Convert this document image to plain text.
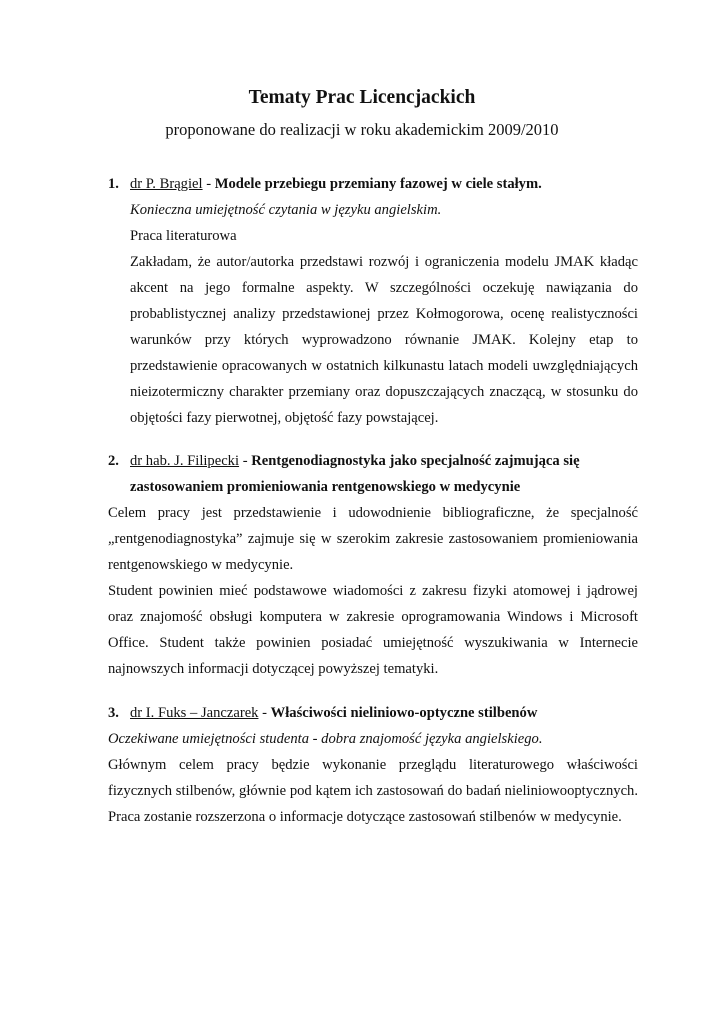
Tematy Prac Licencjackich
proponowane do realizacji w roku akademickim 2009/2010
1. dr P. Brągiel - Modele przebiegu przemiany fazowej w ciele stałym.
Konieczna umiejętność czytania w języku angielskim.
Praca literaturowa
Zakładam, że autor/autorka przedstawi rozwój i ograniczenia modelu JMAK kładąc akcent na jego formalne aspekty. W szczególności oczekuję nawiązania do probablistycznej analizy przedstawionej przez Kołmogorowa, ocenę realistyczności warunków przy których wyprowadzono równanie JMAK. Kolejny etap to przedstawienie opracowanych w ostatnich kilkunastu latach modeli uwzględniających nieizotermiczny charakter przemiany oraz dopuszczających znaczącą, w stosunku do objętości fazy pierwotnej, objętość fazy powstającej.
2. dr hab. J. Filipecki - Rentgenodiagnostyka jako specjalność zajmująca się zastosowaniem promieniowania rentgenowskiego w medycynie
Celem pracy jest przedstawienie i udowodnienie bibliograficzne, że specjalność „rentgenodiagnostyka” zajmuje się w szerokim zakresie zastosowaniem promieniowania rentgenowskiego w medycynie.
Student powinien mieć podstawowe wiadomości z zakresu fizyki atomowej i jądrowej oraz znajomość obsługi komputera w zakresie oprogramowania Windows i Microsoft Office. Student także powinien posiadać umiejętność wyszukiwania w Internecie najnowszych informacji dotyczącej powyższej tematyki.
3. dr I. Fuks – Janczarek - Właściwości nieliniowo-optyczne stilbenów
Oczekiwane umiejętności studenta - dobra znajomość języka angielskiego.
Głównym celem pracy będzie wykonanie przeglądu literaturowego właściwości fizycznych stilbenów, głównie pod kątem ich zastosowań do badań nieliniowooptycznych. Praca zostanie rozszerzona o informacje dotyczące zastosowań stilbenów w medycynie.
